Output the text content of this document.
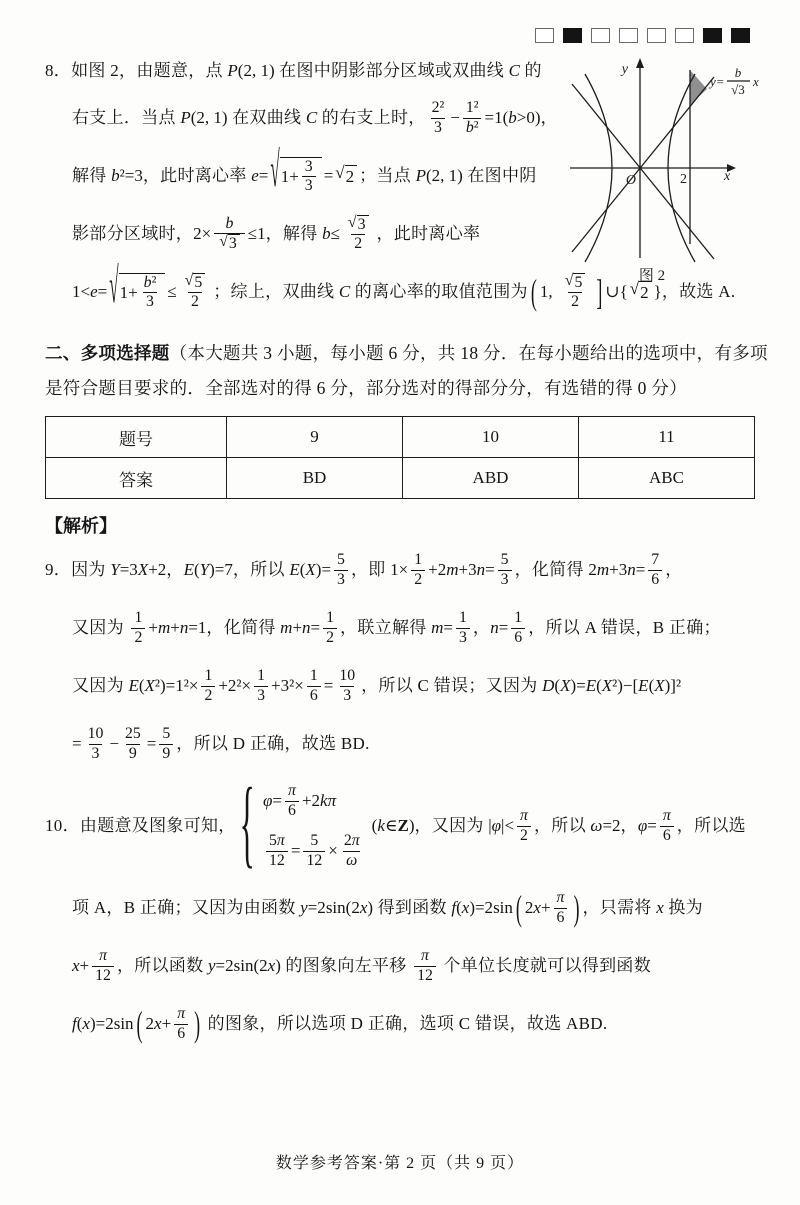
8．如图 2，由题意，点 P (2, 1) 在图中阴影部分区域或双曲线 C 的
右支上．当点 P (2, 1) 在双曲线 C 的右支上时， $\frac{\text{2²}}{3} - \frac{\text{1²}}{\text{b ²}} =1$( b >0) ，
解得 b ²=3 ，此时离心率 e = √ $1+ \frac{3}{3}$ = √ 2 ；当点 P (2, 1) 在图中阴
影部分区域时， $2\times \frac{b}{√ 3} \le 1$ ，解得 $b \le \frac{√ 3}{2}$ ，此时离心率
1< e = √ $1+ \frac{\text{b ²}}{3} \le \frac{√ 5}{2}$ ；综上，双曲线 C 的离心率的取值范围为 ( 1, $\frac{√ 5}{2}$ ] ∪{ √ 2 } ，故选 A.
y
x
O	2
y=
b
√3
x
图 2
二、多项选择题（本大题共 3 小题，每小题 6 分，共 18 分．在每小题给出的选项中，有多项
是符合题目要求的．全部选对的得 6 分，部分选对的得部分分，有选错的得 0 分）
题号	9	10	11
答案	BD	ABD	ABC
【解析】
9．因为 Y =3 X +2 ， E ( Y )=7 ，所以 E ( X )= $\frac{5}{3}$ ，即 $1\times \frac{1}{2} +2$ m +3 $n = \frac{5}{3}$ ，化简得 2 m +3 $n = \frac{7}{6}$ ，
又因为 $\frac{1}{2} + m + n =1$ ，化简得 $m + n = \frac{1}{2}$ ，联立解得 $m = \frac{1}{3}$ ， $n = \frac{1}{6}$ ，所以 A 错误，B 正确；
又因为 E ( X $^2)=1^2\times \frac{1}{2} +2^2\times \frac{1}{3} +3^2\times \frac{1}{6} = \frac{10}{3}$ ，所以 C 错误；又因为 D ( X )= E ( X ²)−[ E ( X )]²
= $\frac{10}{3} - \frac{25}{9} = \frac{5}{9}$ ，所以 D 正确，故选 BD.
10．由题意及图象可知， { $\varphi = \frac{\pi}{6} +2$ k π
$\frac{5 \pi}{12} = \frac{5}{12} \times \frac{2 \pi}{\omega}$
( k ∈ Z ) ，又因为 | φ |< $\frac{\pi}{2}$ ，所以 ω =2 ， $\varphi = \frac{\pi}{6}$ ，所以选
项 A，B 正确；又因为由函数 y =2 sin (2 x ) 得到函数 f ( x )=2 sin ( 2 $x + \frac{\pi}{6}$ ) ，只需将 x 换为
$x + \frac{\pi}{12}$ ，所以函数 y =2 sin (2 x ) 的图象向左平移 $\frac{\pi}{12}$ 个单位长度就可以得到函数
f ( x )=2 sin ( 2 $x + \frac{\pi}{6}$ ) 的图象，所以选项 D 正确，选项 C 错误，故选 ABD.
数学参考答案·第 2 页（共 9 页）
